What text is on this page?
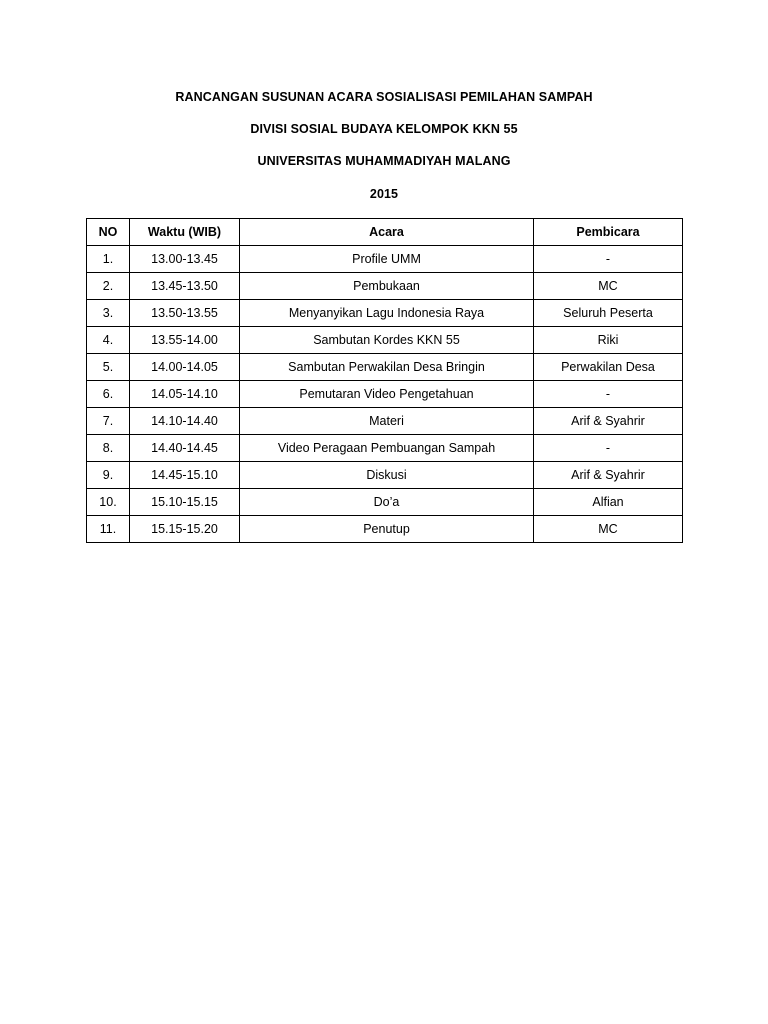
RANCANGAN SUSUNAN ACARA SOSIALISASI PEMILAHAN SAMPAH
DIVISI SOSIAL BUDAYA KELOMPOK KKN 55
UNIVERSITAS MUHAMMADIYAH MALANG
2015
NO	Waktu (WIB)	Acara	Pembicara
1.	13.00-13.45	Profile UMM	-
2.	13.45-13.50	Pembukaan	MC
3.	13.50-13.55	Menyanyikan Lagu Indonesia Raya	Seluruh Peserta
4.	13.55-14.00	Sambutan Kordes KKN 55	Riki
5.	14.00-14.05	Sambutan Perwakilan Desa Bringin	Perwakilan Desa
6.	14.05-14.10	Pemutaran Video Pengetahuan	-
7.	14.10-14.40	Materi	Arif & Syahrir
8.	14.40-14.45	Video Peragaan Pembuangan Sampah	-
9.	14.45-15.10	Diskusi	Arif & Syahrir
10.	15.10-15.15	Do’a	Alfian
11.	15.15-15.20	Penutup	MC
